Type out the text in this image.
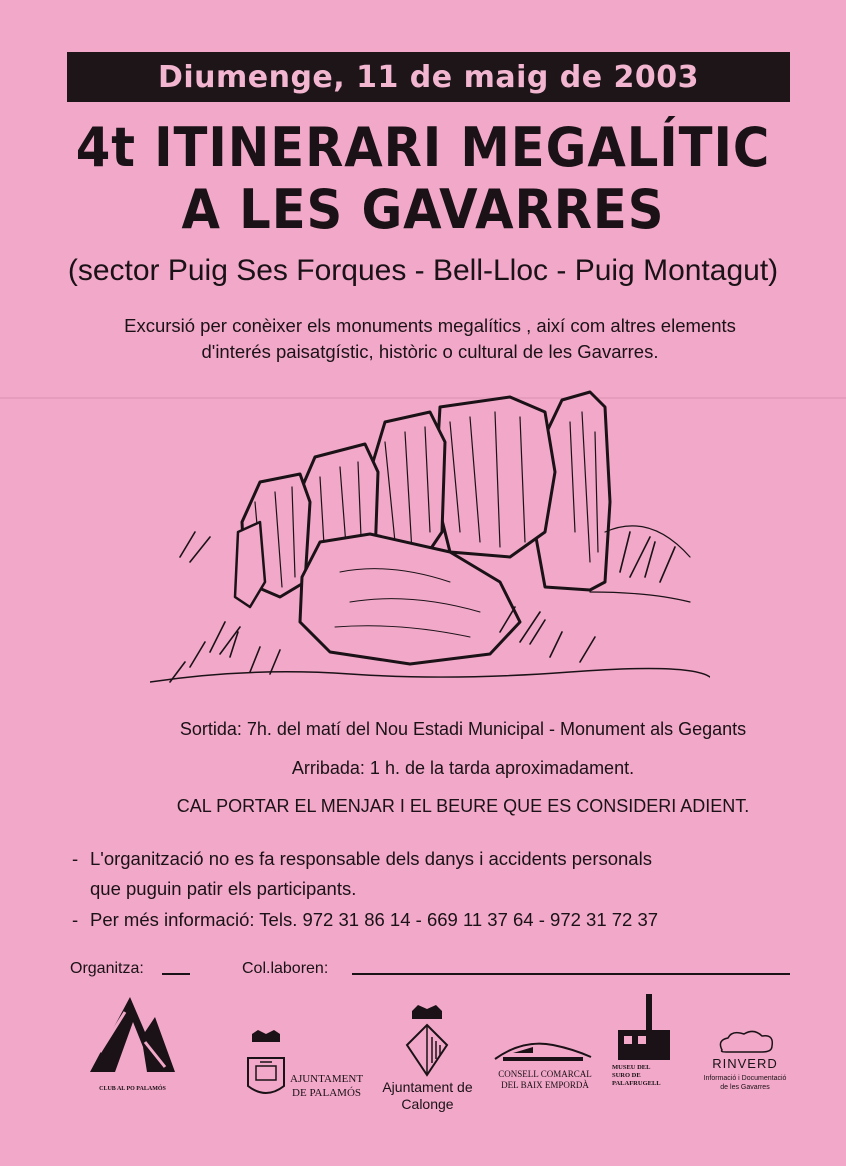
Diumenge, 11 de maig de 2003
4t ITINERARI MEGALÍTIC
A LES GAVARRES
(sector Puig Ses Forques - Bell-Lloc - Puig Montagut)
Excursió per conèixer els monuments megalítics , així com altres elements
d'interés paisatgístic, històric o cultural de les Gavarres.
Sortida: 7h. del matí del Nou Estadi Municipal - Monument als Gegants
Arribada: 1 h. de la tarda aproximadament.
CAL PORTAR EL MENJAR I EL BEURE QUE ES CONSIDERI ADIENT.
- L'organització no es fa responsable dels danys i accidents personals
que puguin patir els participants.
- Per més informació: Tels. 972 31 86 14 - 669 11 37 64 - 972 31 72 37
Organitza:	Col.laboren:
CLUB AL PO PALAMÓS
AJUNTAMENT
DE PALAMÓS	Ajuntament de
Calonge
CONSELL COMARCAL
DEL BAIX EMPORDÀ
MUSEU DEL
SURO DE
PALAFRUGELL
RINVERD
Informació i Documentació
de les Gavarres
